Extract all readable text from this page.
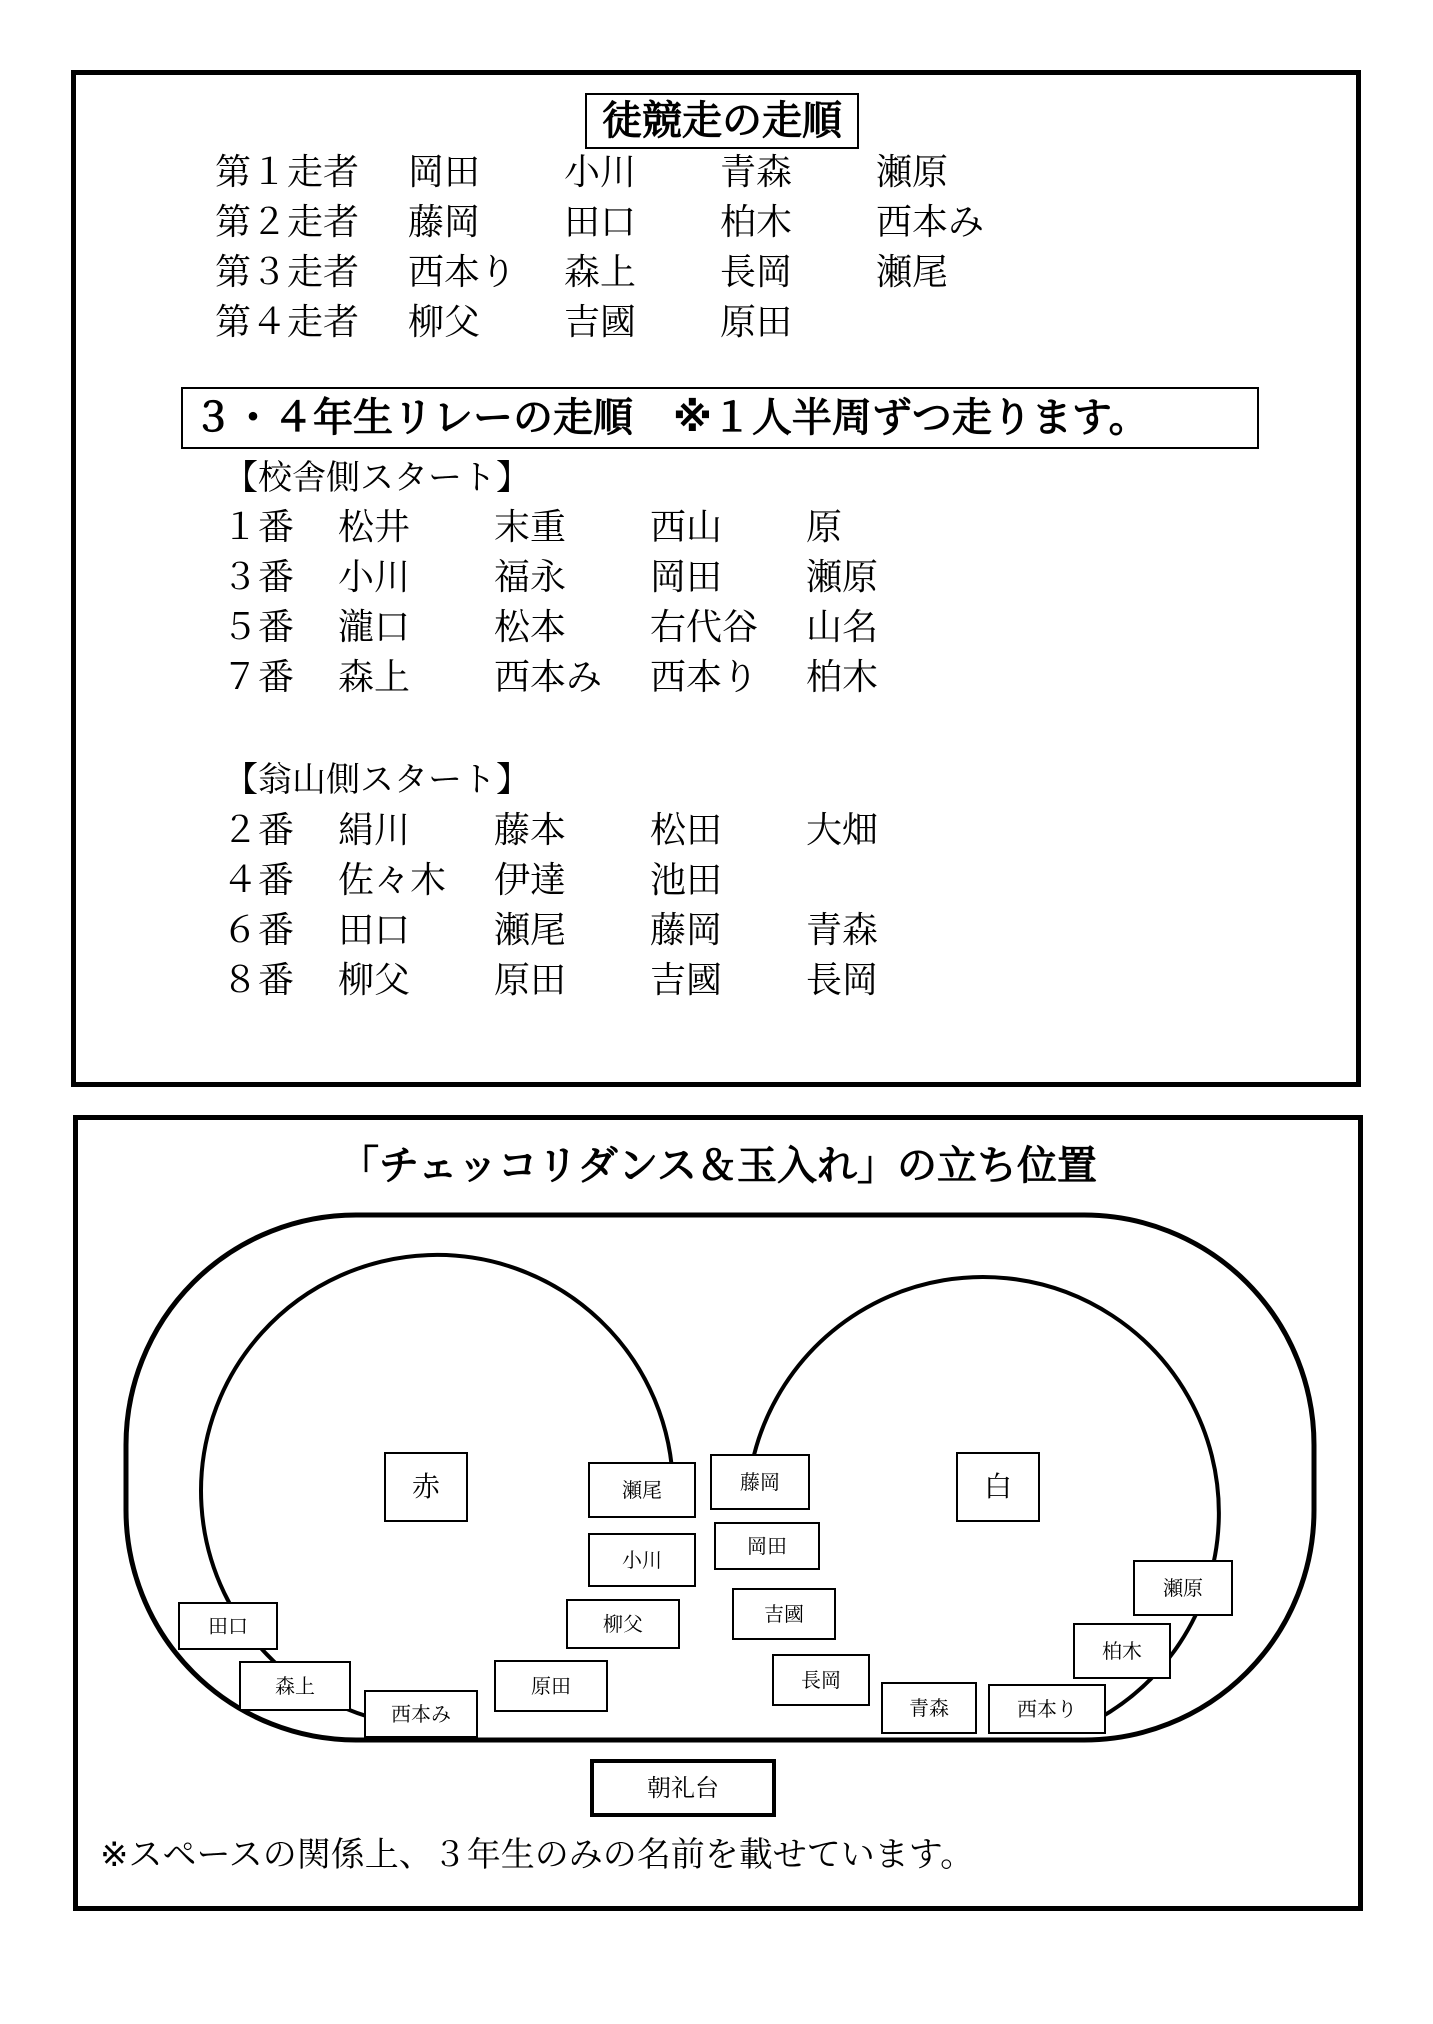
徒競走の走順
第１走者 岡田 小川 青森 瀬原
第２走者 藤岡 田口 柏木 西本み
第３走者 西本り 森上 長岡 瀬尾
第４走者 柳父 吉國 原田
３・４年生リレーの走順　※１人半周ずつ走ります。
【校舎側スタート】
１番 松井 末重 西山 原
３番 小川 福永 岡田 瀬原
５番 瀧口 松本 右代谷 山名
７番 森上 西本み 西本り 柏木
【翁山側スタート】
２番 絹川 藤本 松田 大畑
４番 佐々木 伊達 池田
６番 田口 瀬尾 藤岡 青森
８番 柳父 原田 吉國 長岡
「チェッコリダンス＆玉入れ」の立ち位置
赤	白
田口
森上
西本み
原田
柳父
小川
瀬尾	藤岡
岡田
吉國
長岡
青森	西本り
柏木
瀬原
朝礼台
※スペースの関係上、３年生のみの名前を載せています。
